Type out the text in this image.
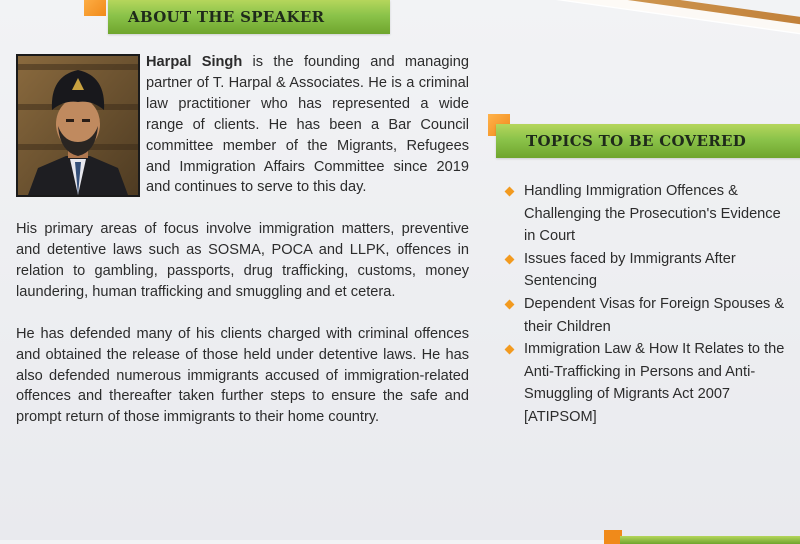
ABOUT THE SPEAKER

Harpal Singh is the founding and managing partner of T. Harpal & Associates. He is a criminal law practitioner who has represented a wide range of clients. He has been a Bar Council committee member of the Migrants, Refugees and Immigration Affairs Committee since 2019 and continues to serve to this day.

His primary areas of focus involve immigration matters, preventive and detentive laws such as SOSMA, POCA and LLPK, offences in relation to gambling, passports, drug trafficking, customs, money laundering, human trafficking and smuggling and et cetera.

He has defended many of his clients charged with criminal offences and obtained the release of those held under detentive laws. He has also defended numerous immigrants accused of immigration-related offences and thereafter taken further steps to ensure the safe and prompt return of those immigrants to their home country.

TOPICS TO BE COVERED
Handling Immigration Offences & Challenging the Prosecution's Evidence in Court
Issues faced by Immigrants After Sentencing
Dependent Visas for Foreign Spouses & their Children
Immigration Law & How It Relates to the Anti-Trafficking in Persons and Anti-Smuggling of Migrants Act 2007 [ATIPSOM]
